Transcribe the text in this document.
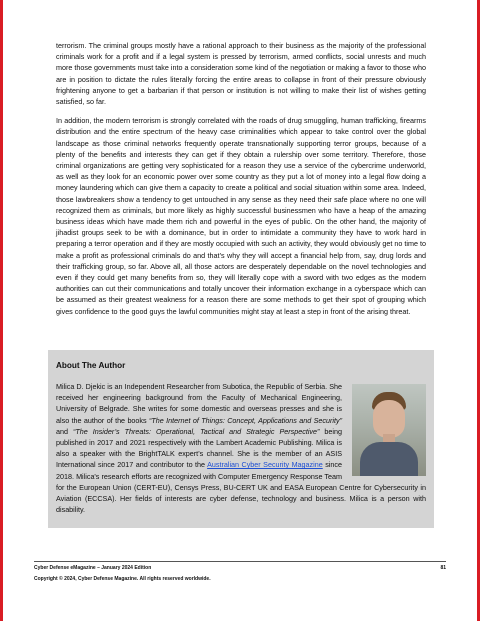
terrorism. The criminal groups mostly have a rational approach to their business as the majority of the professional criminals work for a profit and if a legal system is pressed by terrorism, armed conflicts, social unrests and much more those governments must take into a consideration some kind of the negotiation or making a favor to those who are in position to dictate the rules literally forcing the entire areas to collapse in front of their pressure obviously frightening anyone to get a barbarian if that person or institution is not willing to make their list of wishes getting satisfied, so far.

In addition, the modern terrorism is strongly correlated with the roads of drug smuggling, human trafficking, firearms distribution and the entire spectrum of the heavy case criminalities which appear to take control over the global landscape as those criminal networks frequently operate transnationally supporting terror groups, because of a plenty of the benefits and interests they can get if they obtain a rulership over some territory. Therefore, those criminal organizations are getting very sophisticated for a reason they use a service of the cybercrime underworld, as well as they look for an economic power over some country as they put a lot of money into a legal flow doing a money laundering which can give them a capacity to create a political and social situation within some area. Indeed, those lawbreakers show a tendency to get untouched in any sense as they need their safe place where no one will recognized them as criminals, but more likely as highly successful businessmen who have a heap of the amazing business ideas which have made them rich and powerful in the eyes of public. On the other hand, the majority of jihadist groups seek to be with a dominance, but in order to intimidate a community they have to work hard in preparing a terror operation and if they are mostly occupied with such an activity, they would obviously get no time to make a profit as professional criminals do and that’s why they will accept a financial help from, say, drug lords and their trafficking group, so far. Above all, all those actors are desperately dependable on the novel technologies and even if they could get many benefits from so, they will literally cope with a sword with two edges as the modern authorities can cut their communications and totally uncover their information exchange in a cyberspace which can be assumed as their greatest weakness for a reason there are some methods to get their spot of grouping which gives confidence to the good guys the lawful communities might stay at least a step in front of the arising threat.

About The Author

Milica D. Djekic is an Independent Researcher from Subotica, the Republic of Serbia. She received her engineering background from the Faculty of Mechanical Engineering, University of Belgrade. She writes for some domestic and overseas presses and she is also the author of the books “The Internet of Things: Concept, Applications and Security” and “The Insider’s Threats: Operational, Tactical and Strategic Perspective” being published in 2017 and 2021 respectively with the Lambert Academic Publishing. Milica is also a speaker with the BrightTALK expert’s channel. She is the member of an ASIS International since 2017 and contributor to the Australian Cyber Security Magazine since 2018. Milica's research efforts are recognized with Computer Emergency Response Team for the European Union (CERT-EU), Censys Press, BU-CERT UK and EASA European Centre for Cybersecurity in Aviation (ECCSA). Her fields of interests are cyber defense, technology and business. Milica is a person with disability.

Cyber Defense eMagazine – January 2024 Edition	81
Copyright © 2024, Cyber Defense Magazine. All rights reserved worldwide.
